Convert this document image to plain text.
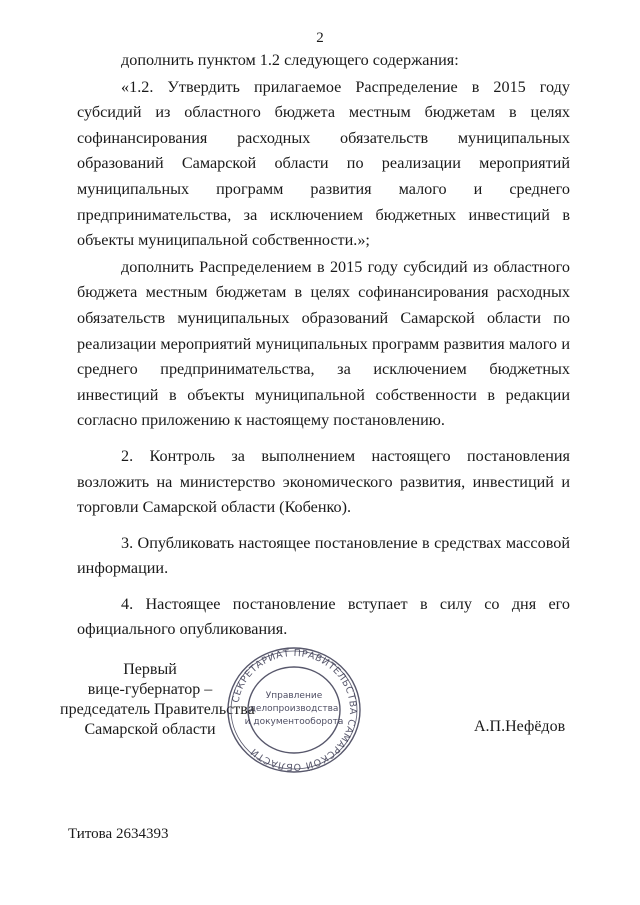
2

дополнить пунктом 1.2 следующего содержания:

«1.2. Утвердить прилагаемое Распределение в 2015 году субсидий из областного бюджета местным бюджетам в целях софинансирования расходных обязательств муниципальных образований Самарской области по реализации мероприятий муниципальных программ развития малого и среднего предпринимательства, за исключением бюджетных инвестиций в объекты муниципальной собственности.»;

дополнить Распределением в 2015 году субсидий из областного бюджета местным бюджетам в целях софинансирования расходных обязательств муниципальных образований Самарской области по реализации мероприятий муниципальных программ развития малого и среднего предпринимательства, за исключением бюджетных инвестиций в объекты муниципальной собственности в редакции согласно приложению к настоящему постановлению.

2. Контроль за выполнением настоящего постановления возложить на министерство экономического развития, инвестиций и торговли Самарской области (Кобенко).

3. Опубликовать настоящее постановление в средствах массовой информации.

4. Настоящее постановление вступает в силу со дня его официального опубликования.

Первый
вице-губернатор –
председатель Правительства
Самарской области
СЕКРЕТАРИАТ ПРАВИТЕЛЬСТВА САМАРСКОЙ ОБЛАСТИ
Управление
делопроизводства
и документооборота	А.П.Нефёдов
Титова 2634393
